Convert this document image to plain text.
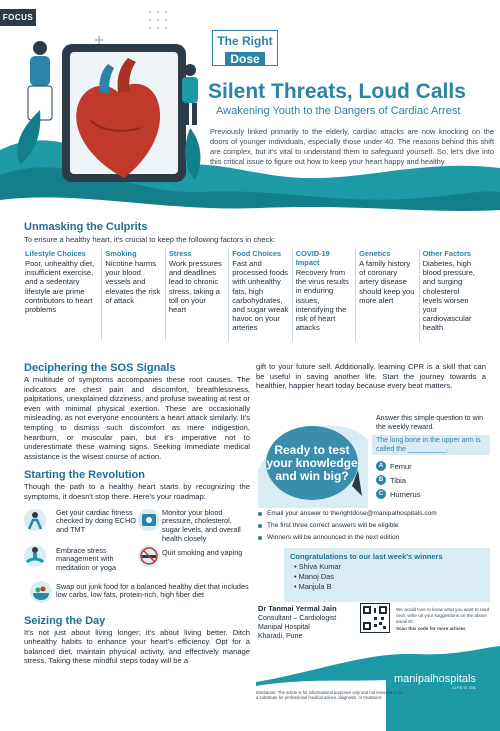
FOCUS
The Right
Dose
Silent Threats, Loud Calls
Awakening Youth to the Dangers of Cardiac Arrest
Previously linked primarily to the elderly, cardiac attacks are now knocking on the doors of younger individuals, especially those under 40. The reasons behind this shift are complex, but it's vital to understand them to safeguard yourself. So, let's dive into this critical issue to figure out how to keep your heart happy and healthy.
Unmasking the Culprits
To ensure a healthy heart, it's crucial to keep the following factors in check:
Lifestyle Choices
Poor, unhealthy diet, insufficient exercise, and a sedentary lifestyle are prime contributors to heart problems
Smoking
Nicotine harms your blood vessels and elevates the risk of attack
Stress
Work pressures and deadlines lead to chronic stress, taking a toll on your heart
Food Choices
Fast and processed foods with unhealthy fats, high carbohydrates, and sugar wreak havoc on your arteries
COVID-19 Impact
Recovery from the virus results in enduring issues, intensifying the risk of heart attacks
Genetics
A family history of coronary artery disease should keep you more alert
Other Factors
Diabetes, high blood pressure, and surging cholesterol levels worsen your cardiovascular health
Deciphering the SOS Signals
A multitude of symptoms accompanies these root causes. The indicators are chest pain and discomfort, breathlessness, palpitations, unexplained dizziness, and profuse sweating at rest or even with minimal physical exertion. These are occasionally misleading, as not everyone encounters a heart attack similarly. It's tempting to dismiss such discomfort as mere indigestion, heartburn, or muscular pain, but it's imperative not to underestimate these warning signs. Seeking immediate medical assistance is the wisest course of action.
Starting the Revolution
Though the path to a healthy heart starts by recognizing the symptoms, it doesn't stop there. Here's your roadmap:
Get your cardiac fitness checked by doing ECHO and TMT
Monitor your blood pressure, cholesterol, sugar levels, and overall health closely
Embrace stress management with meditation or yoga
Quit smoking and vaping
Swap out junk food for a balanced healthy diet that includes low carbs, low fats, protein-rich, high fiber diet
Seizing the Day
It's not just about living longer; it's about living better. Ditch unhealthy habits to enhance your heart's efficiency. Opt for a balanced diet, maintain physical activity, and effectively manage stress. Taking these mindful steps today will be a
gift to your future self. Additionally, learning CPR is a skill that can be useful in saving another life. Start the journey towards a healthier, happier heart today because every beat matters.
Ready to test your knowledge and win big?
Answer this simple question to win the weekly reward.
The long bone in the upper arm is called the __________.
A Femur
B Tibia
C Humerus
Email your answer to therightdose@manipalhospitals.com
The first three correct answers will be eligible
Winners will be announced in the next edition
Congratulations to our last week's winners
• Shiva Kumar
• Manoj Das
• Manjula B
Dr Tanmai Yermal Jain
Consultant – Cardiologist
Manipal Hospital
Kharadi, Pune
We would love to know what you want to read next; write us your suggestions on the above email ID.
Scan this code for more articles
Disclaimer: The article is for informational purposes only and not intended to be a substitute for professional medical advice, diagnosis, or treatment.
manipalhospitals
LIFE'S ON
